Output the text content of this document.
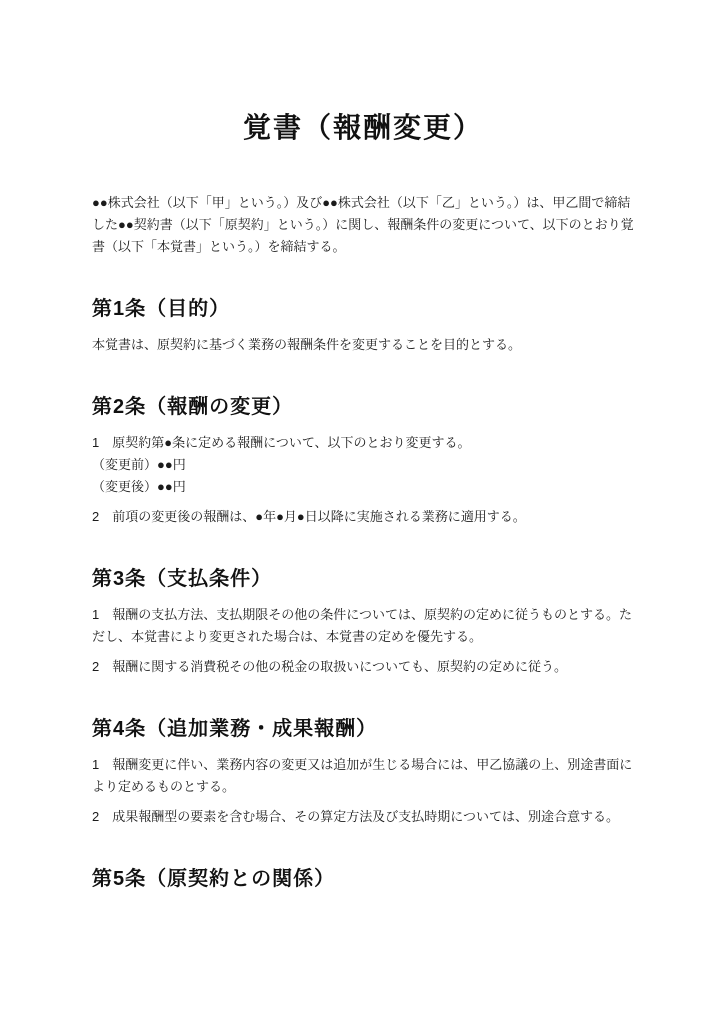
覚書（報酬変更）

●●株式会社（以下「甲」という。）及び●●株式会社（以下「乙」という。）は、甲乙間で締結した●●契約書（以下「原契約」という。）に関し、報酬条件の変更について、以下のとおり覚書（以下「本覚書」という。）を締結する。

第1条（目的）

本覚書は、原契約に基づく業務の報酬条件を変更することを目的とする。

第2条（報酬の変更）

1　原契約第●条に定める報酬について、以下のとおり変更する。
（変更前）●●円
（変更後）●●円

2　前項の変更後の報酬は、●年●月●日以降に実施される業務に適用する。

第3条（支払条件）

1　報酬の支払方法、支払期限その他の条件については、原契約の定めに従うものとする。ただし、本覚書により変更された場合は、本覚書の定めを優先する。

2　報酬に関する消費税その他の税金の取扱いについても、原契約の定めに従う。

第4条（追加業務・成果報酬）

1　報酬変更に伴い、業務内容の変更又は追加が生じる場合には、甲乙協議の上、別途書面により定めるものとする。

2　成果報酬型の要素を含む場合、その算定方法及び支払時期については、別途合意する。

第5条（原契約との関係）
